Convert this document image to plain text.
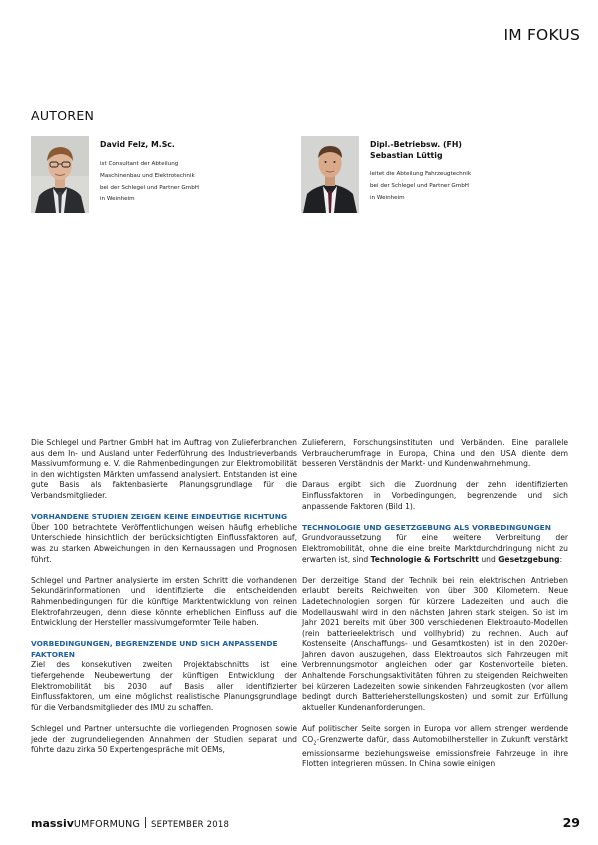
IM FOKUS
AUTOREN
David Felz, M.Sc.
ist Consultant der Abteilung
Maschinenbau und Elektrotechnik
bei der Schlegel und Partner GmbH
in Weinheim
Dipl.-Betriebsw. (FH)
Sebastian Lüttig
leitet die Abteilung Fahrzeugtechnik
bei der Schlegel und Partner GmbH
in Weinheim

Die Schlegel und Partner GmbH hat im Auftrag von Zulieferbranchen aus dem In- und Ausland unter Federführung des Industrieverbands Massivumformung e. V. die Rahmenbedingungen zur Elektromobilität in den wichtigsten Märkten umfassend analysiert. Entstanden ist eine gute Basis als faktenbasierte Planungsgrundlage für die Verbandsmitglieder.

VORHANDENE STUDIEN ZEIGEN KEINE EINDEUTIGE RICHTUNG

Über 100 betrachtete Veröffentlichungen weisen häufig erhebliche Unterschiede hinsichtlich der berücksichtigten Einflussfaktoren auf, was zu starken Abweichungen in den Kernaussagen und Prognosen führt.

Schlegel und Partner analysierte im ersten Schritt die vorhandenen Sekundärinformationen und identifizierte die entscheidenden Rahmenbedingungen für die künftige Marktentwicklung von reinen Elektrofahrzeugen, denn diese könnte erheblichen Einfluss auf die Entwicklung der Hersteller massivumgeformter Teile haben.

VORBEDINGUNGEN, BEGRENZENDE UND SICH ANPASSENDE FAKTOREN

Ziel des konsekutiven zweiten Projektabschnitts ist eine tiefergehende Neubewertung der künftigen Entwicklung der Elektromobilität bis 2030 auf Basis aller identifizierter Einflussfaktoren, um eine möglichst realistische Planungsgrundlage für die Verbandsmitglieder des IMU zu schaffen.

Schlegel und Partner untersuchte die vorliegenden Prognosen sowie jede der zugrundeliegenden Annahmen der Studien separat und führte dazu zirka 50 Expertengespräche mit OEMs,

Zulieferern, Forschungsinstituten und Verbänden. Eine parallele Verbraucherumfrage in Europa, China und den USA diente dem besseren Verständnis der Markt- und Kundenwahrnehmung.

Daraus ergibt sich die Zuordnung der zehn identifizierten Einflussfaktoren in Vorbedingungen, begrenzende und sich anpassende Faktoren (Bild 1).

TECHNOLOGIE UND GESETZGEBUNG ALS VORBEDINGUNGEN

Grundvoraussetzung für eine weitere Verbreitung der Elektromobilität, ohne die eine breite Marktdurchdringung nicht zu erwarten ist, sind Technologie & Fortschritt und Gesetzgebung:

Der derzeitige Stand der Technik bei rein elektrischen Antrieben erlaubt bereits Reichweiten von über 300 Kilometern. Neue Ladetechnologien sorgen für kürzere Ladezeiten und auch die Modellauswahl wird in den nächsten Jahren stark steigen. So ist im Jahr 2021 bereits mit über 300 verschiedenen Elektroauto-Modellen (rein batterieelektrisch und vollhybrid) zu rechnen. Auch auf Kostenseite (Anschaffungs- und Gesamtkosten) ist in den 2020er-Jahren davon auszugehen, dass Elektroautos sich Fahrzeugen mit Verbrennungsmotor angleichen oder gar Kostenvorteile bieten. Anhaltende Forschungsaktivitäten führen zu steigenden Reichweiten bei kürzeren Ladezeiten sowie sinkenden Fahrzeugkosten (vor allem bedingt durch Batterieherstellungskosten) und somit zur Erfüllung aktueller Kundenanforderungen.

Auf politischer Seite sorgen in Europa vor allem strenger werdende $CO_2$-Grenzwerte dafür, dass Automobilhersteller in Zukunft verstärkt emissionsarme beziehungsweise emissionsfreie Fahrzeuge in ihre Flotten integrieren müssen. In China sowie einigen

massivUMFORMUNG SEPTEMBER 2018	29
